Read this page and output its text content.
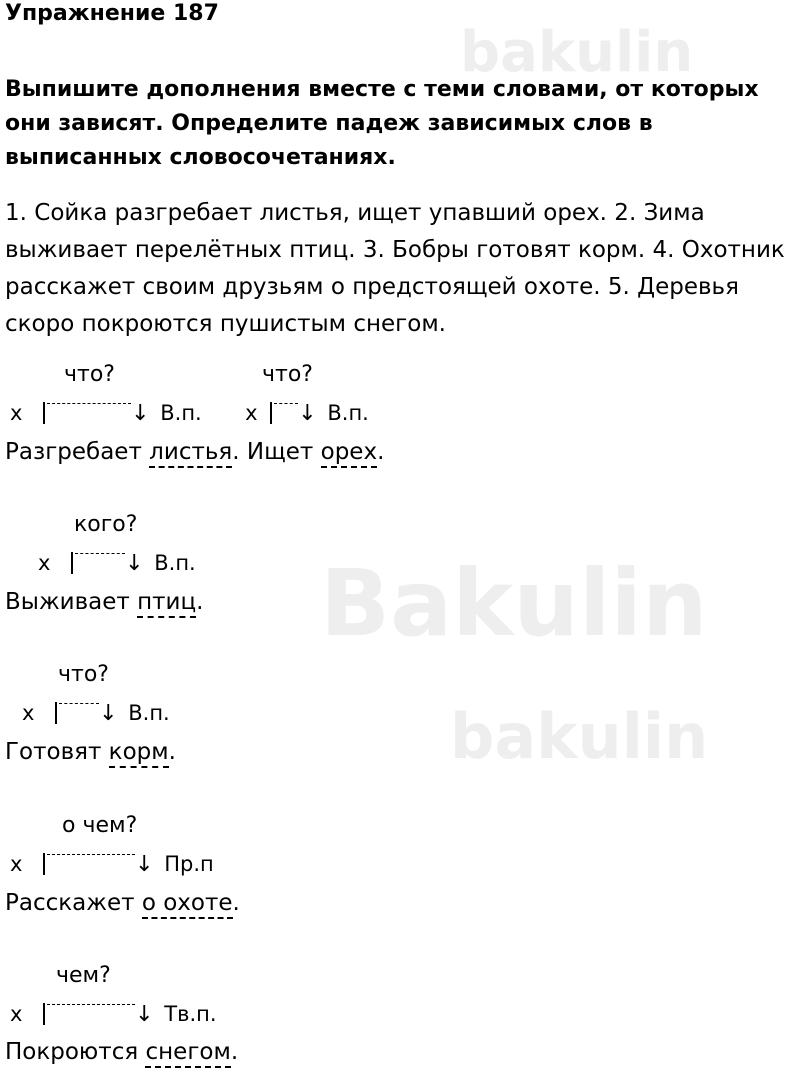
Bakulin
bakulin
bakulin
Упражнение 187
Выпишите дополнения вместе с теми словами, от которых они зависят. Определите падеж зависимых слов в выписанных словосочетаниях.
1. Сойка разгребает листья, ищет упавший орех. 2. Зима выживает перелётных птиц. 3. Бобры готовят корм. 4. Охотник расскажет своим друзьям о предстоящей охоте. 5. Деревья скоро покроются пушистым снегом.
что?	что?
x	↓ В.п. x ↓ В.п.
Разгребает листья. Ищет орех.
кого?
x	↓ В.п.
Выживает птиц.
что?
x	↓ В.п.
Готовят корм.
о чем?
x	↓ Пр.п
Расскажет о охоте.
чем?
x	↓ Тв.п.
Покроются снегом.
